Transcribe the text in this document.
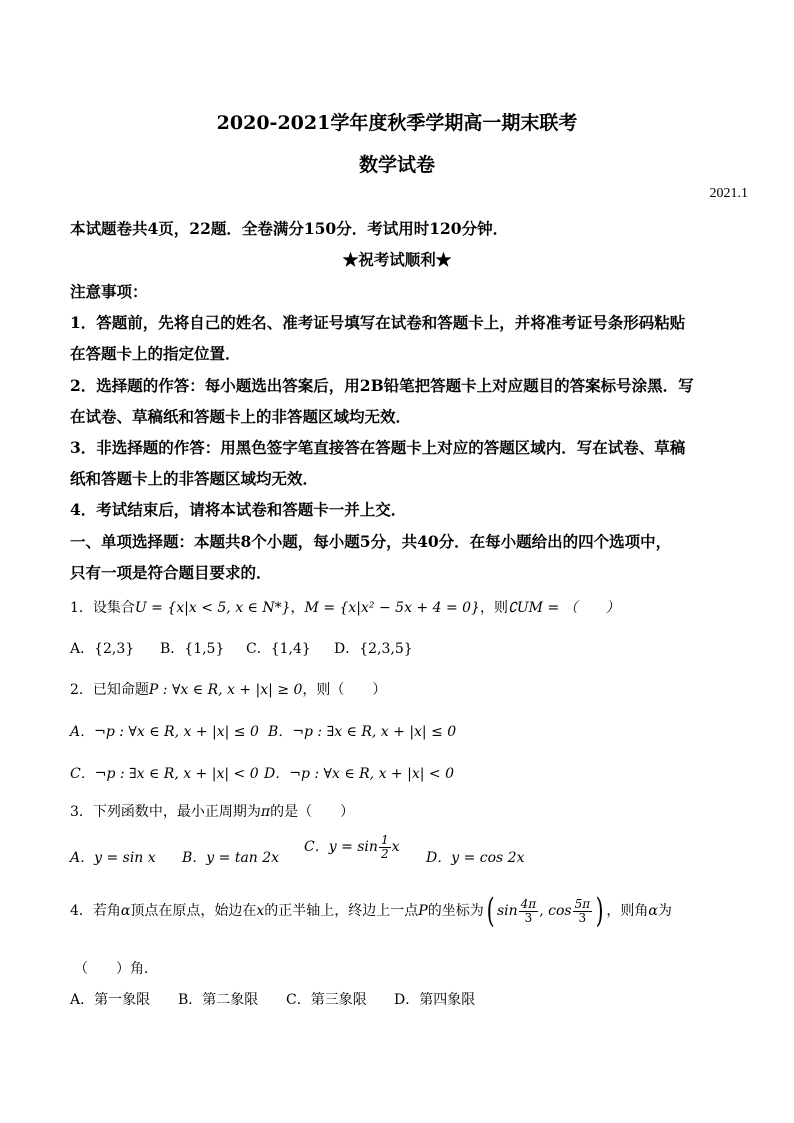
2020-2021学年度秋季学期高一期末联考
数学试卷
2021.1
本试题卷共4页，22题．全卷满分150分．考试用时120分钟．
★祝考试顺利★
注意事项：
1．答题前，先将自己的姓名、准考证号填写在试卷和答题卡上，并将准考证号条形码粘贴
在答题卡上的指定位置．
2．选择题的作答：每小题选出答案后，用2B铅笔把答题卡上对应题目的答案标号涂黑．写
在试卷、草稿纸和答题卡上的非答题区域均无效．
3．非选择题的作答：用黑色签字笔直接答在答题卡上对应的答题区域内．写在试卷、草稿
纸和答题卡上的非答题区域均无效．
4．考试结束后，请将本试卷和答题卡一并上交．
一、单项选择题：本题共8个小题，每小题5分，共40分．在每小题给出的四个选项中，
只有一项是符合题目要求的．
1．设集合U = {x|x < 5, x ∈ N*}，M = {x|x² − 5x + 4 = 0}，则∁UM = （　　）
A．{2,3} B．{1,5} C．{1,4} D．{2,3,5}
2．已知命题P : ∀x ∈ R, x + |x| ≥ 0，则（　　）
A．¬p : ∀x ∈ R, x + |x| ≤ 0 B．¬p : ∃x ∈ R, x + |x| ≤ 0
C．¬p : ∃x ∈ R, x + |x| < 0 D．¬p : ∀x ∈ R, x + |x| < 0
3．下列函数中，最小正周期为π的是（　　）
A．y = sin x B．y = tan 2x
C．$y = \sin \frac{1}{2}$ x
D．y = cos 2x
4．若角α顶点在原点，始边在x的正半轴上，终边上一点P的坐标为( $\sin \frac{4\pi}{3}$ , $\cos \frac{5\pi}{3}$ ) ，则角α为
（　　）角．
A．第一象限 B．第二象限 C．第三象限 D．第四象限
